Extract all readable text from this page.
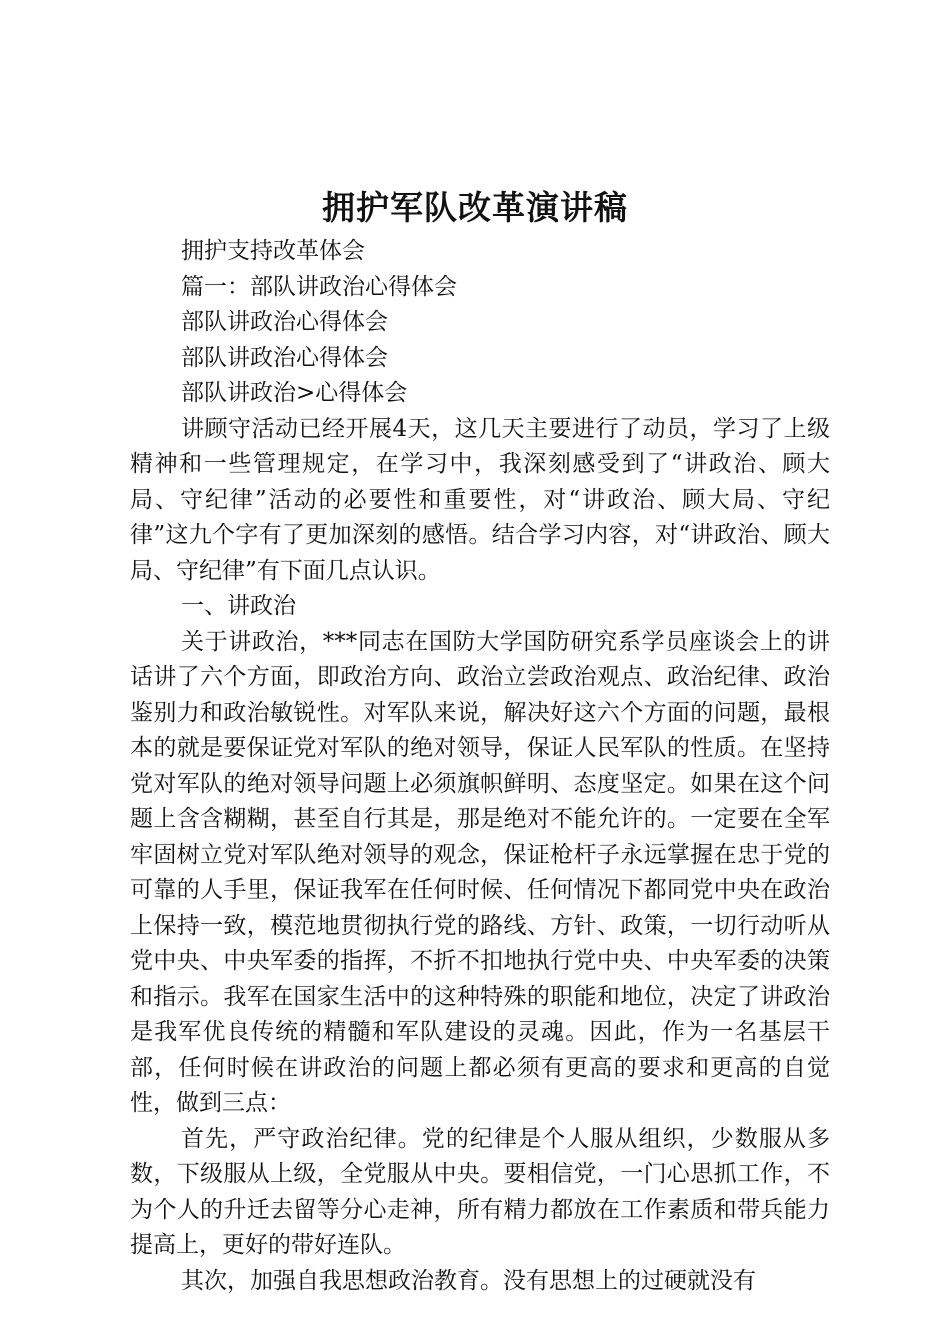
拥护军队改革演讲稿

拥护支持改革体会

篇一：部队讲政治心得体会

部队讲政治心得体会

部队讲政治心得体会

部队讲政治>心得体会

讲顾守活动已经开展4天，这几天主要进行了动员，学习了上级精神和一些管理规定，在学习中，我深刻感受到了“讲政治、顾大局、守纪律”活动的必要性和重要性，对“讲政治、顾大局、守纪律”这九个字有了更加深刻的感悟。结合学习内容，对“讲政治、顾大局、守纪律”有下面几点认识。

一、讲政治

关于讲政治，***同志在国防大学国防研究系学员座谈会上的讲话讲了六个方面，即政治方向、政治立尝政治观点、政治纪律、政治鉴别力和政治敏锐性。对军队来说，解决好这六个方面的问题，最根本的就是要保证党对军队的绝对领导，保证人民军队的性质。在坚持党对军队的绝对领导问题上必须旗帜鲜明、态度坚定。如果在这个问题上含含糊糊，甚至自行其是，那是绝对不能允许的。一定要在全军牢固树立党对军队绝对领导的观念，保证枪杆子永远掌握在忠于党的可靠的人手里，保证我军在任何时候、任何情况下都同党中央在政治上保持一致，模范地贯彻执行党的路线、方针、政策，一切行动听从党中央、中央军委的指挥，不折不扣地执行党中央、中央军委的决策和指示。我军在国家生活中的这种特殊的职能和地位，决定了讲政治是我军优良传统的精髓和军队建设的灵魂。因此，作为一名基层干部，任何时候在讲政治的问题上都必须有更高的要求和更高的自觉性，做到三点：

首先，严守政治纪律。党的纪律是个人服从组织，少数服从多数，下级服从上级，全党服从中央。要相信党，一门心思抓工作，不为个人的升迁去留等分心走神，所有精力都放在工作素质和带兵能力提高上，更好的带好连队。

其次，加强自我思想政治教育。没有思想上的过硬就没有
